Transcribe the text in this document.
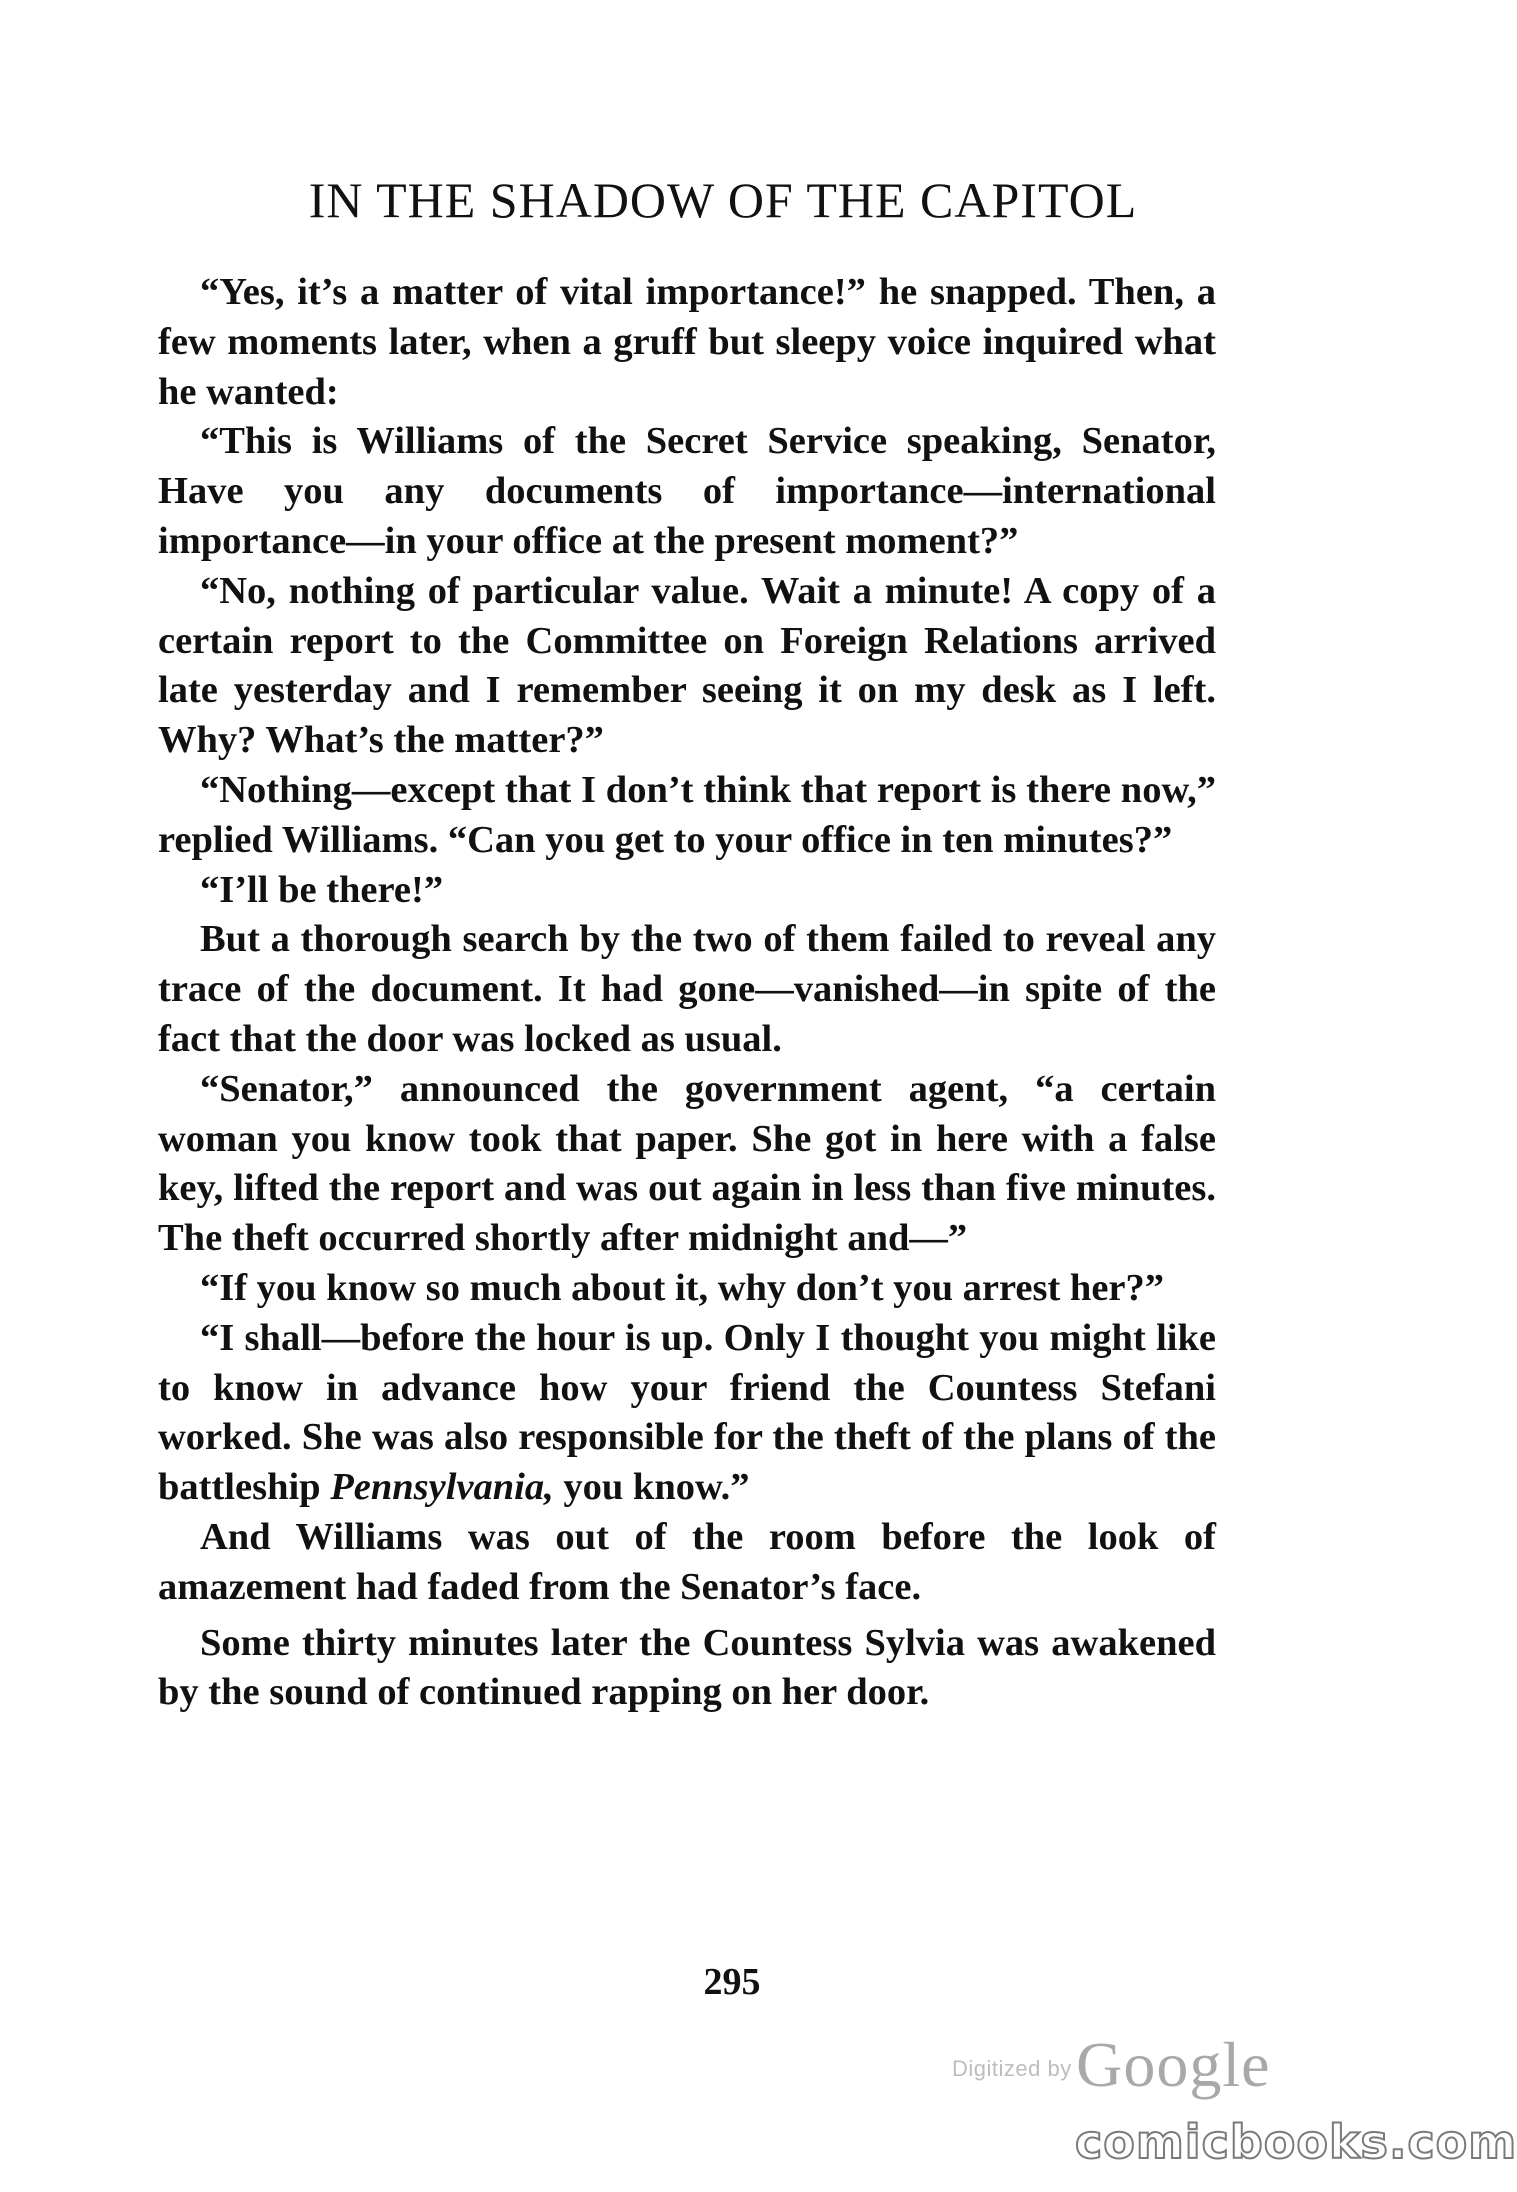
IN THE SHADOW OF THE CAPITOL

“Yes, it’s a matter of vital importance!” he snapped. Then, a few moments later, when a gruff but sleepy voice inquired what he wanted:

“This is Williams of the Secret Service speaking, Senator, Have you any documents of importance—international importance—in your office at the present moment?”

“No, nothing of particular value. Wait a minute! A copy of a certain report to the Committee on Foreign Relations arrived late yesterday and I remember seeing it on my desk as I left. Why? What’s the matter?”

“Nothing—except that I don’t think that report is there now,” replied Williams. “Can you get to your office in ten minutes?”

“I’ll be there!”

But a thorough search by the two of them failed to reveal any trace of the document. It had gone—vanished—in spite of the fact that the door was locked as usual.

“Senator,” announced the government agent, “a certain woman you know took that paper. She got in here with a false key, lifted the report and was out again in less than five minutes. The theft occurred shortly after midnight and—”

“If you know so much about it, why don’t you arrest her?”

“I shall—before the hour is up. Only I thought you might like to know in advance how your friend the Countess Stefani worked. She was also responsible for the theft of the plans of the battleship Pennsylvania, you know.”

And Williams was out of the room before the look of amazement had faded from the Senator’s face.

Some thirty minutes later the Countess Sylvia was awakened by the sound of continued rapping on her door.

295
Digitized by Google
comicbooks.com
